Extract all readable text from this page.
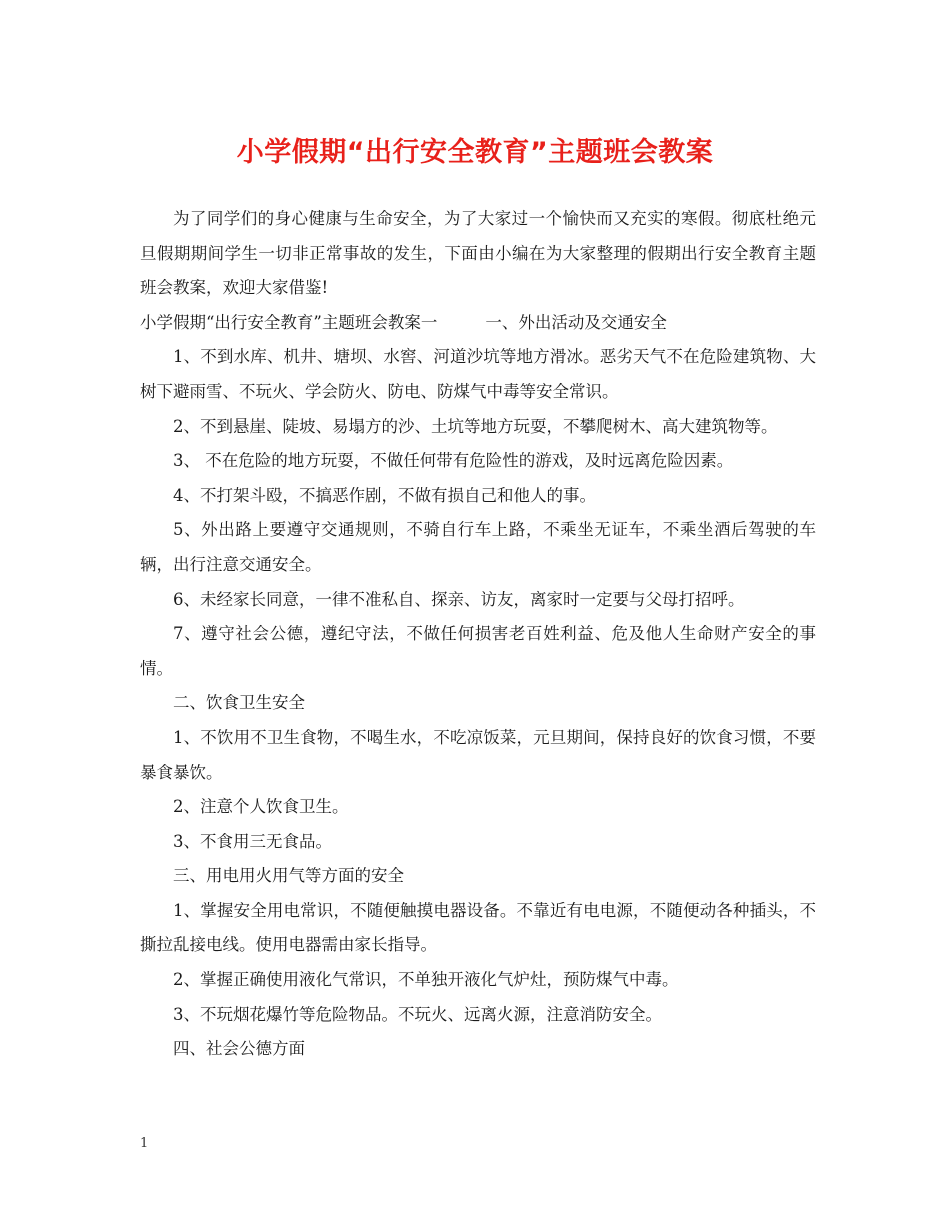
小学假期“出行安全教育”主题班会教案

为了同学们的身心健康与生命安全，为了大家过一个愉快而又充实的寒假。彻底杜绝元旦假期期间学生一切非正常事故的发生，下面由小编在为大家整理的假期出行安全教育主题班会教案，欢迎大家借鉴!

小学假期“出行安全教育”主题班会教案一	一、外出活动及交通安全

1、不到水库、机井、塘坝、水窖、河道沙坑等地方滑冰。恶劣天气不在危险建筑物、大树下避雨雪、不玩火、学会防火、防电、防煤气中毒等安全常识。

2、不到悬崖、陡坡、易塌方的沙、土坑等地方玩耍，不攀爬树木、高大建筑物等。

3、 不在危险的地方玩耍，不做任何带有危险性的游戏，及时远离危险因素。

4、不打架斗殴，不搞恶作剧，不做有损自己和他人的事。

5、外出路上要遵守交通规则，不骑自行车上路，不乘坐无证车，不乘坐酒后驾驶的车辆，出行注意交通安全。

6、未经家长同意，一律不准私自、探亲、访友，离家时一定要与父母打招呼。

7、遵守社会公德，遵纪守法，不做任何损害老百姓利益、危及他人生命财产安全的事情。

二、饮食卫生安全

1、不饮用不卫生食物，不喝生水，不吃凉饭菜，元旦期间，保持良好的饮食习惯，不要暴食暴饮。

2、注意个人饮食卫生。

3、不食用三无食品。

三、用电用火用气等方面的安全

1、掌握安全用电常识，不随便触摸电器设备。不靠近有电电源，不随便动各种插头，不撕拉乱接电线。使用电器需由家长指导。

2、掌握正确使用液化气常识，不单独开液化气炉灶，预防煤气中毒。

3、不玩烟花爆竹等危险物品。不玩火、远离火源，注意消防安全。

四、社会公德方面

1
